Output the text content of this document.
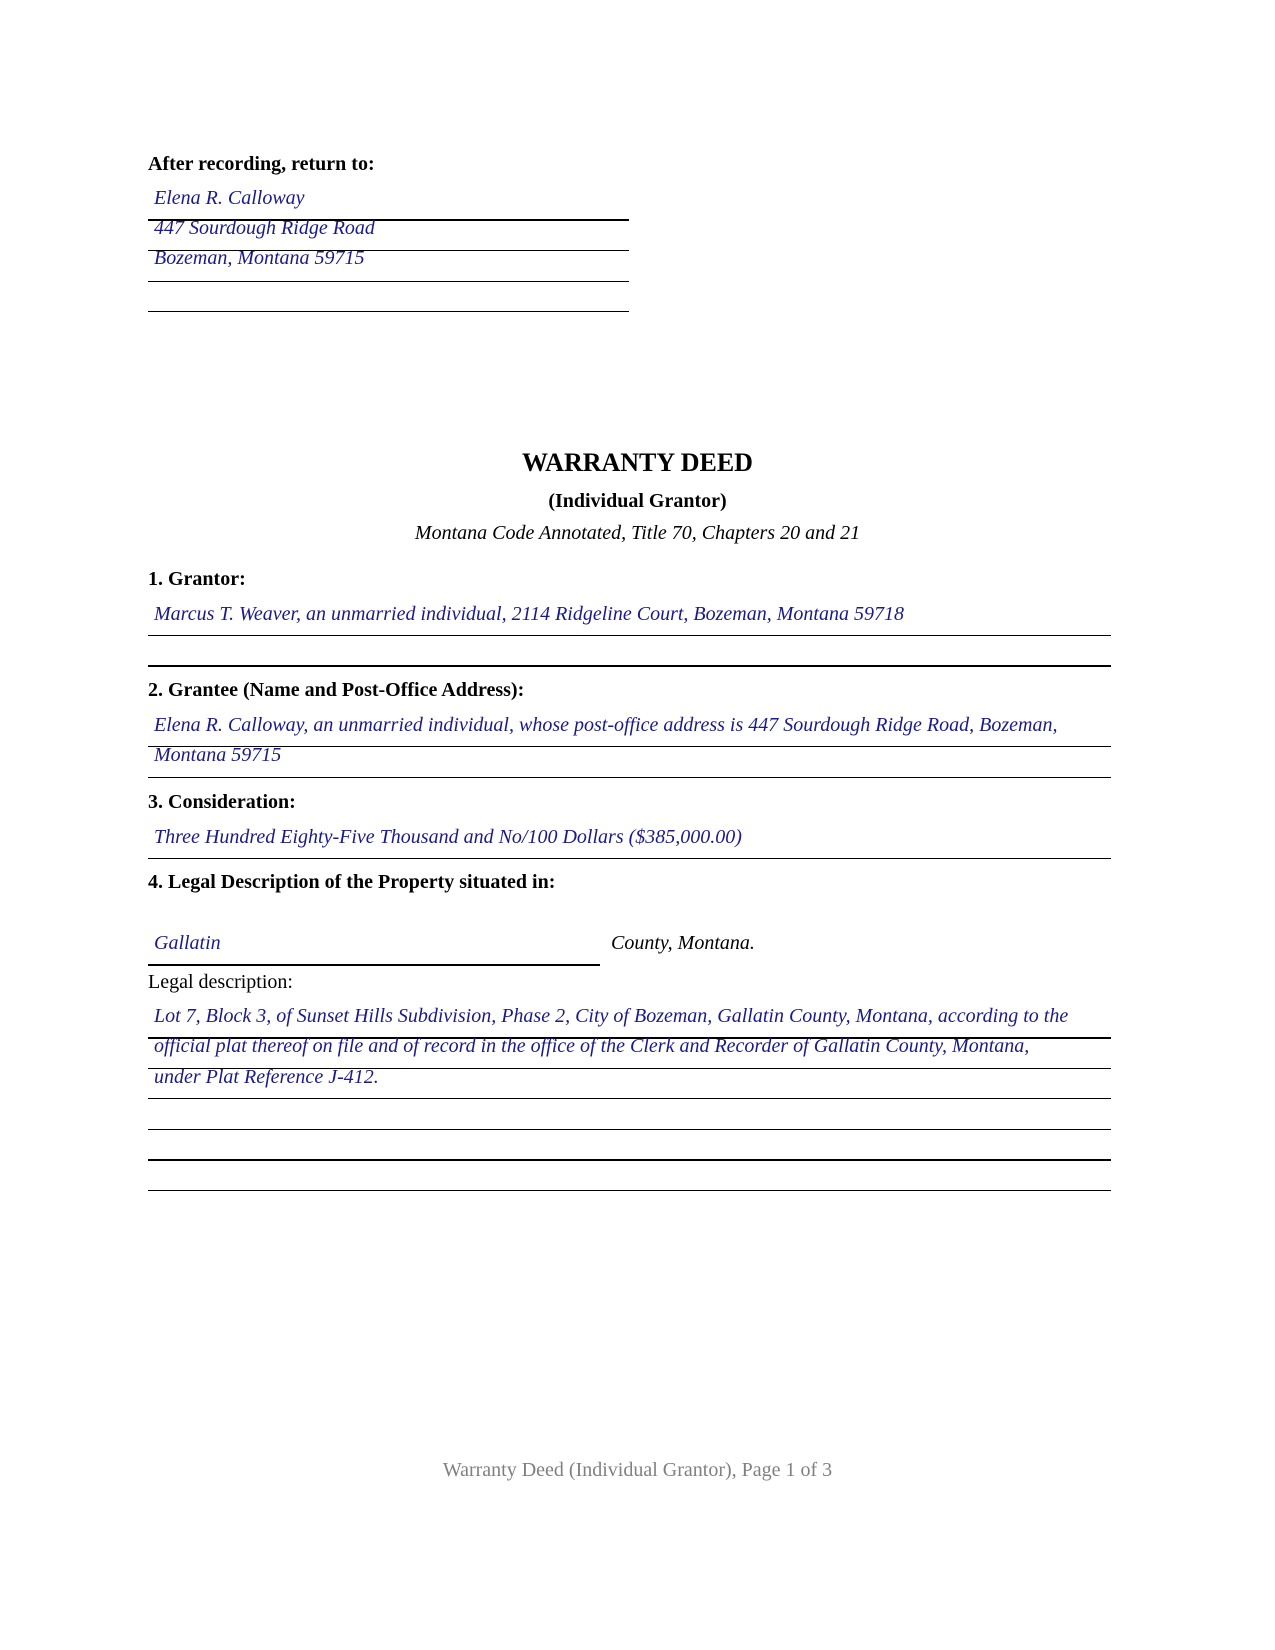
After recording, return to:
Elena R. Calloway
447 Sourdough Ridge Road
Bozeman, Montana 59715
WARRANTY DEED
(Individual Grantor)
Montana Code Annotated, Title 70, Chapters 20 and 21
1. Grantor:
Marcus T. Weaver, an unmarried individual, 2114 Ridgeline Court, Bozeman, Montana 59718
2. Grantee (Name and Post-Office Address):
Elena R. Calloway, an unmarried individual, whose post-office address is 447 Sourdough Ridge Road, Bozeman,
Montana 59715
3. Consideration:
Three Hundred Eighty-Five Thousand and No/100 Dollars ($385,000.00)
4. Legal Description of the Property situated in:
Gallatin	County, Montana.
Legal description:
Lot 7, Block 3, of Sunset Hills Subdivision, Phase 2, City of Bozeman, Gallatin County, Montana, according to the
official plat thereof on file and of record in the office of the Clerk and Recorder of Gallatin County, Montana,
under Plat Reference J-412.
Warranty Deed (Individual Grantor), Page 1 of 3
